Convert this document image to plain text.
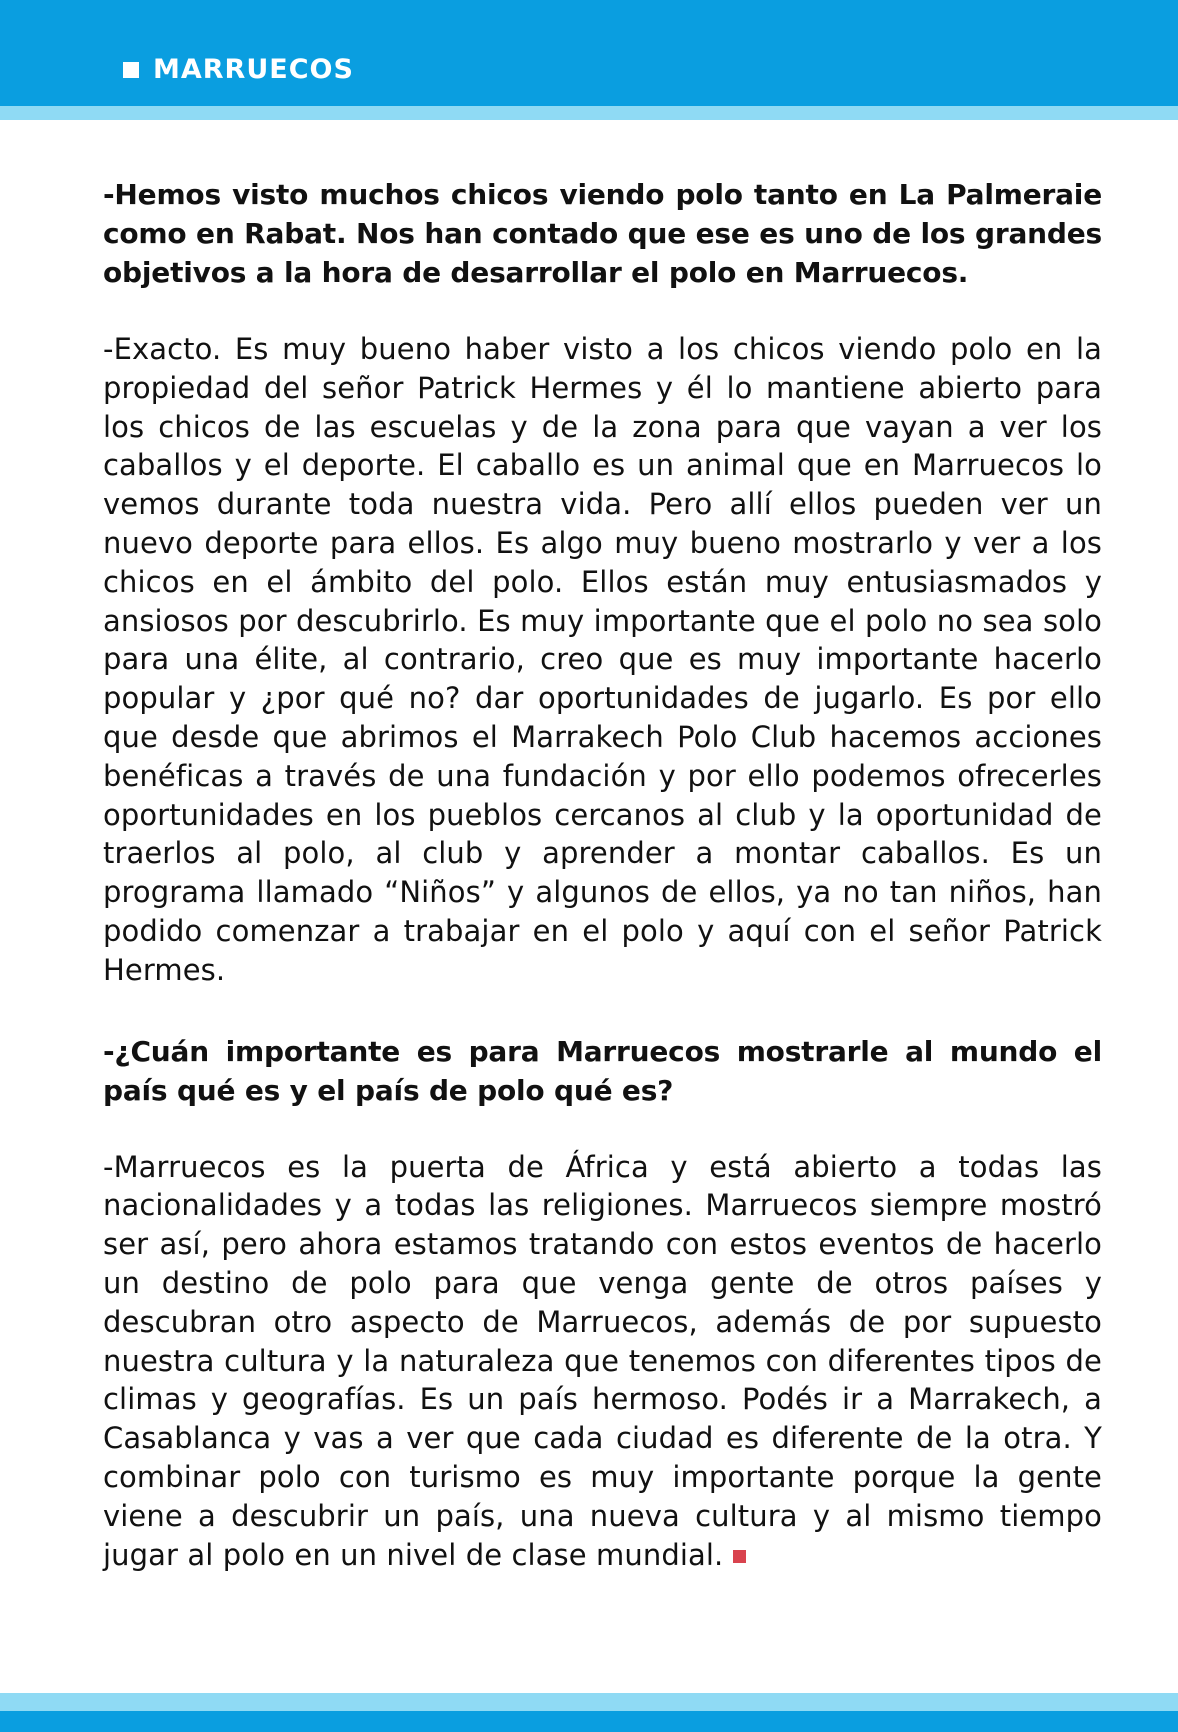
MARRUECOS

-Hemos visto muchos chicos viendo polo tanto en La Palmeraie como en Rabat. Nos han contado que ese es uno de los grandes objetivos a la hora de desarrollar el polo en Marruecos.

-Exacto. Es muy bueno haber visto a los chicos viendo polo en la propiedad del señor Patrick Hermes y él lo mantiene abierto para los chicos de las escuelas y de la zona para que vayan a ver los caballos y el deporte. El caballo es un animal que en Marruecos lo vemos durante toda nuestra vida. Pero allí ellos pueden ver un nuevo deporte para ellos. Es algo muy bueno mostrarlo y ver a los chicos en el ámbito del polo. Ellos están muy entusiasmados y ansiosos por descubrirlo. Es muy importante que el polo no sea solo para una élite, al contrario, creo que es muy importante hacerlo popular y ¿por qué no? dar oportunidades de jugarlo. Es por ello que desde que abrimos el Marrakech Polo Club hacemos acciones benéficas a través de una fundación y por ello podemos ofrecerles oportunidades en los pueblos cercanos al club y la oportunidad de traerlos al polo, al club y aprender a montar caballos. Es un programa llamado “Niños” y algunos de ellos, ya no tan niños, han podido comenzar a trabajar en el polo y aquí con el señor Patrick Hermes.

-¿Cuán importante es para Marruecos mostrarle al mundo el país qué es y el país de polo qué es?

-Marruecos es la puerta de África y está abierto a todas las nacionalidades y a todas las religiones. Marruecos siempre mostró ser así, pero ahora estamos tratando con estos eventos de hacerlo un destino de polo para que venga gente de otros países y descubran otro aspecto de Marruecos, además de por supuesto nuestra cultura y la naturaleza que tenemos con diferentes tipos de climas y geografías. Es un país hermoso. Podés ir a Marrakech, a Casablanca y vas a ver que cada ciudad es diferente de la otra. Y combinar polo con turismo es muy importante porque la gente viene a descubrir un país, una nueva cultura y al mismo tiempo jugar al polo en un nivel de clase mundial.
